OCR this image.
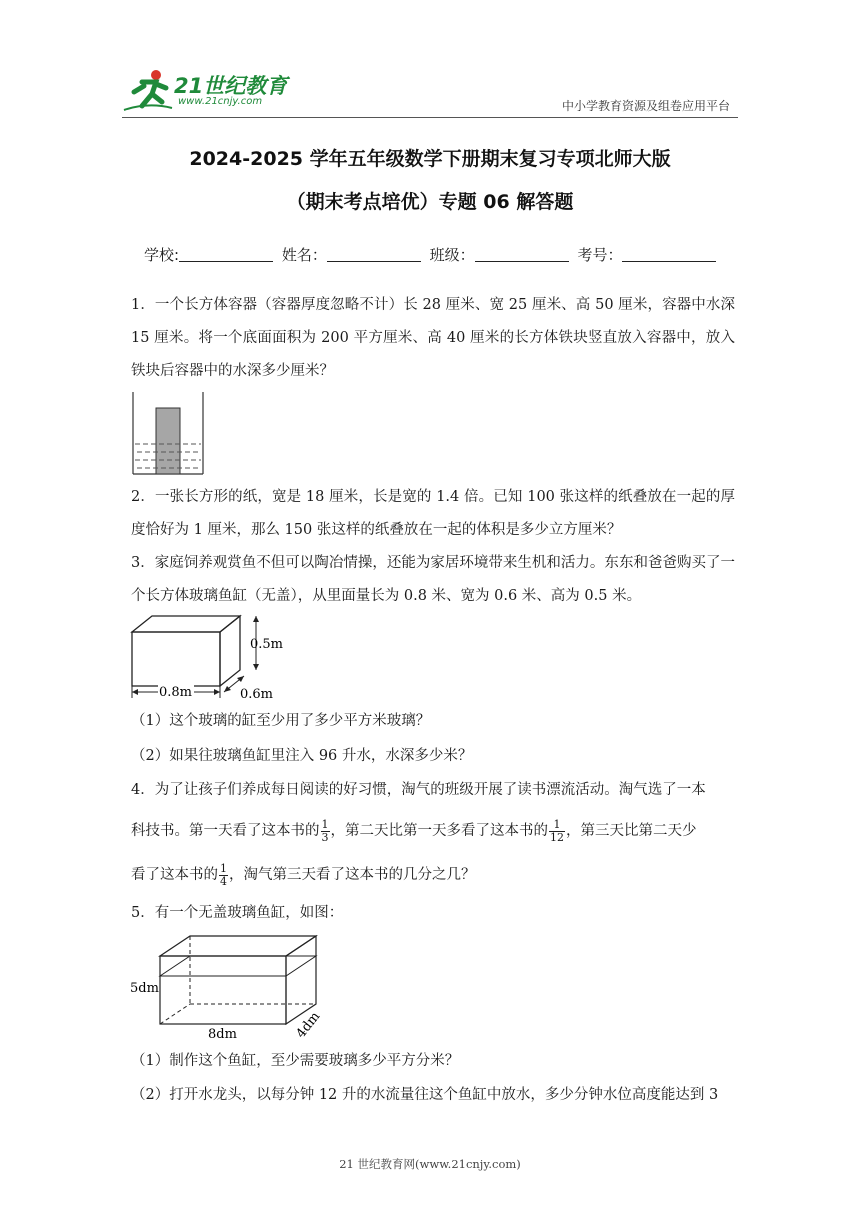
21世纪教育
www.21cnjy.com	中小学教育资源及组卷应用平台
2024-2025 学年五年级数学下册期末复习专项北师大版
（期末考点培优）专题 06 解答题
学校:	姓名：	班级：	考号：
1．一个长方体容器（容器厚度忽略不计）长 28 厘米、宽 25 厘米、高 50 厘米，容器中水深 15 厘米。将一个底面面积为 200 平方厘米、高 40 厘米的长方体铁块竖直放入容器中，放入铁块后容器中的水深多少厘米？
2．一张长方形的纸，宽是 18 厘米，长是宽的 1.4 倍。已知 100 张这样的纸叠放在一起的厚度恰好为 1 厘米，那么 150 张这样的纸叠放在一起的体积是多少立方厘米？
3．家庭饲养观赏鱼不但可以陶冶情操，还能为家居环境带来生机和活力。东东和爸爸购买了一个长方体玻璃鱼缸（无盖），从里面量长为 0.8 米、宽为 0.6 米、高为 0.5 米。
0.5m
0.8m	0.6m
（1）这个玻璃的缸至少用了多少平方米玻璃？
（2）如果往玻璃鱼缸里注入 96 升水，水深多少米？
4．为了让孩子们养成每日阅读的好习惯，淘气的班级开展了读书漂流活动。淘气选了一本
科技书。第一天看了这本书的 $\frac{1}{3}$ ，第二天比第一天多看了这本书的 $\frac{1}{12}$ ，第三天比第二天少
看了这本书的 $\frac{1}{4}$ ，淘气第三天看了这本书的几分之几？
5．有一个无盖玻璃鱼缸，如图：
5dm
8dm	4dm
（1）制作这个鱼缸，至少需要玻璃多少平方分米？
（2）打开水龙头，以每分钟 12 升的水流量往这个鱼缸中放水，多少分钟水位高度能达到 3
21 世纪教育网(www.21cnjy.com)
